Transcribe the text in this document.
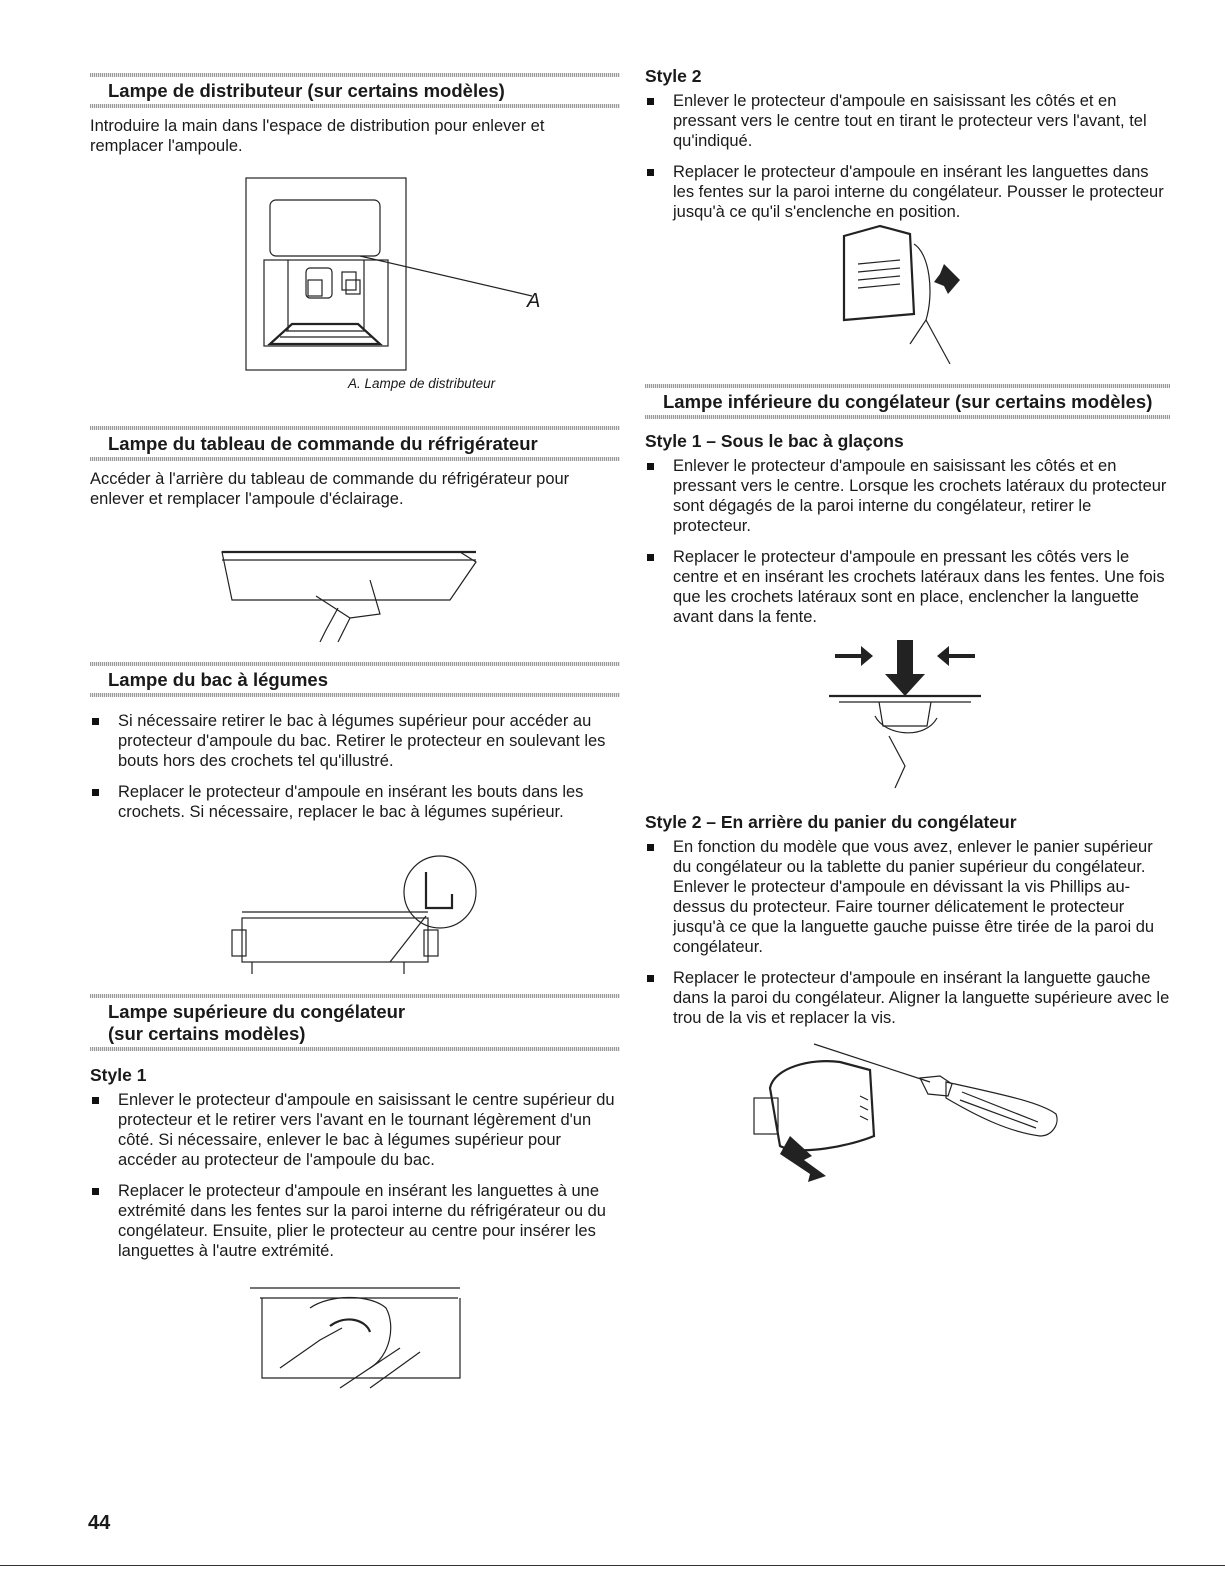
Lampe de distributeur (sur certains modèles)

Introduire la main dans l'espace de distribution pour enlever et remplacer l'ampoule.

A
A. Lampe de distributeur
Lampe du tableau de commande du réfrigérateur

Accéder à l'arrière du tableau de commande du réfrigérateur pour enlever et remplacer l'ampoule d'éclairage.

Lampe du bac à légumes
Si nécessaire retirer le bac à légumes supérieur pour accéder au protecteur d'ampoule du bac. Retirer le protecteur en soulevant les bouts hors des crochets tel qu'illustré.
Replacer le protecteur d'ampoule en insérant les bouts dans les crochets. Si nécessaire, replacer le bac à légumes supérieur.
Lampe supérieure du congélateur
(sur certains modèles)
Style 1
Enlever le protecteur d'ampoule en saisissant le centre supérieur du protecteur et le retirer vers l'avant en le tournant légèrement d'un côté. Si nécessaire, enlever le bac à légumes supérieur pour accéder au protecteur de l'ampoule du bac.
Replacer le protecteur d'ampoule en insérant les languettes à une extrémité dans les fentes sur la paroi interne du réfrigérateur ou du congélateur. Ensuite, plier le protecteur au centre pour insérer les languettes à l'autre extrémité.
Style 2
Enlever le protecteur d'ampoule en saisissant les côtés et en pressant vers le centre tout en tirant le protecteur vers l'avant, tel qu'indiqué.
Replacer le protecteur d'ampoule en insérant les languettes dans les fentes sur la paroi interne du congélateur. Pousser le protecteur jusqu'à ce qu'il s'enclenche en position.
Lampe inférieure du congélateur (sur certains modèles)
Style 1 – Sous le bac à glaçons
Enlever le protecteur d'ampoule en saisissant les côtés et en pressant vers le centre. Lorsque les crochets latéraux du protecteur sont dégagés de la paroi interne du congélateur, retirer le protecteur.
Replacer le protecteur d'ampoule en pressant les côtés vers le centre et en insérant les crochets latéraux dans les fentes. Une fois que les crochets latéraux sont en place, enclencher la languette avant dans la fente.
Style 2 – En arrière du panier du congélateur
En fonction du modèle que vous avez, enlever le panier supérieur du congélateur ou la tablette du panier supérieur du congélateur. Enlever le protecteur d'ampoule en dévissant la vis Phillips au-dessus du protecteur. Faire tourner délicatement le protecteur jusqu'à ce que la languette gauche puisse être tirée de la paroi du congélateur.
Replacer le protecteur d'ampoule en insérant la languette gauche dans la paroi du congélateur. Aligner la languette supérieure avec le trou de la vis et replacer la vis.
44
